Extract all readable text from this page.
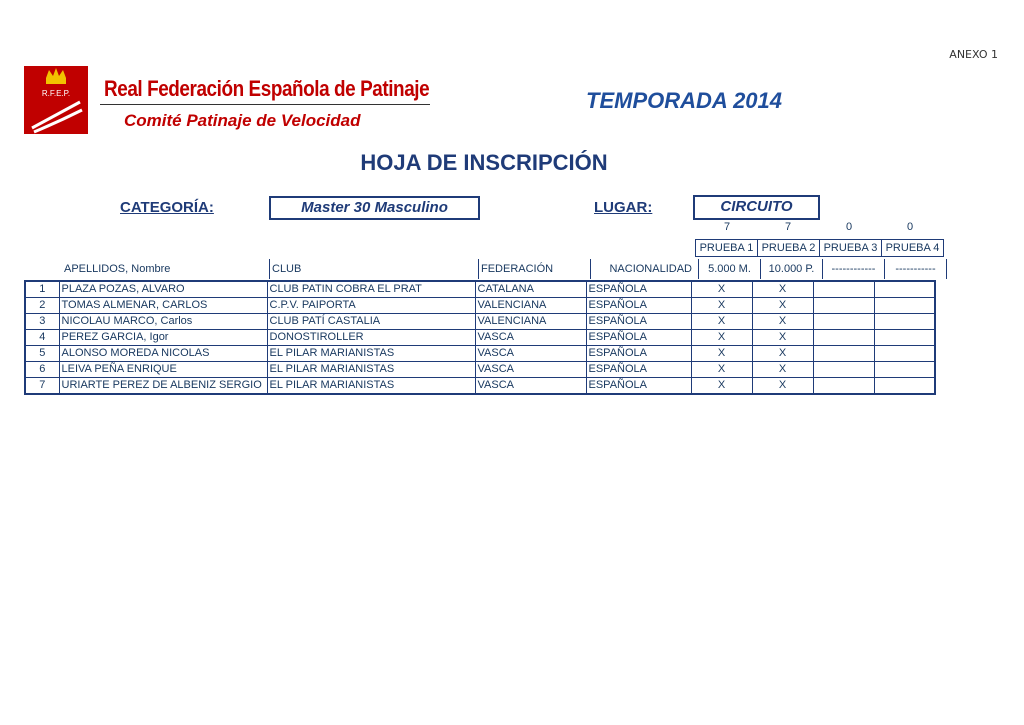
ANEXO 1
R.F.E.P. Real Federación Española de Patinaje
Comité Patinaje de Velocidad
TEMPORADA 2014
HOJA DE INSCRIPCIÓN
CATEGORÍA:	Master 30 Masculino	LUGAR:	CIRCUITO
7	7	0	0
PRUEBA 1	PRUEBA 2	PRUEBA 3	PRUEBA 4
APELLIDOS, Nombre	CLUB	FEDERACIÓN	NACIONALIDAD	5.000 M.	10.000 P.	------------	-----------
1	PLAZA POZAS, ALVARO	CLUB PATIN COBRA EL PRAT	CATALANA	ESPAÑOLA	X	X		
2	TOMAS ALMENAR, CARLOS	C.P.V. PAIPORTA	VALENCIANA	ESPAÑOLA	X	X		
3	NICOLAU MARCO, Carlos	CLUB PATÍ CASTALIA	VALENCIANA	ESPAÑOLA	X	X		
4	PEREZ GARCIA, Igor	DONOSTIROLLER	VASCA	ESPAÑOLA	X	X		
5	ALONSO MOREDA NICOLAS	EL PILAR MARIANISTAS	VASCA	ESPAÑOLA	X	X		
6	LEIVA PEÑA ENRIQUE	EL PILAR MARIANISTAS	VASCA	ESPAÑOLA	X	X		
7	URIARTE PEREZ DE ALBENIZ SERGIO	EL PILAR MARIANISTAS	VASCA	ESPAÑOLA	X	X		
